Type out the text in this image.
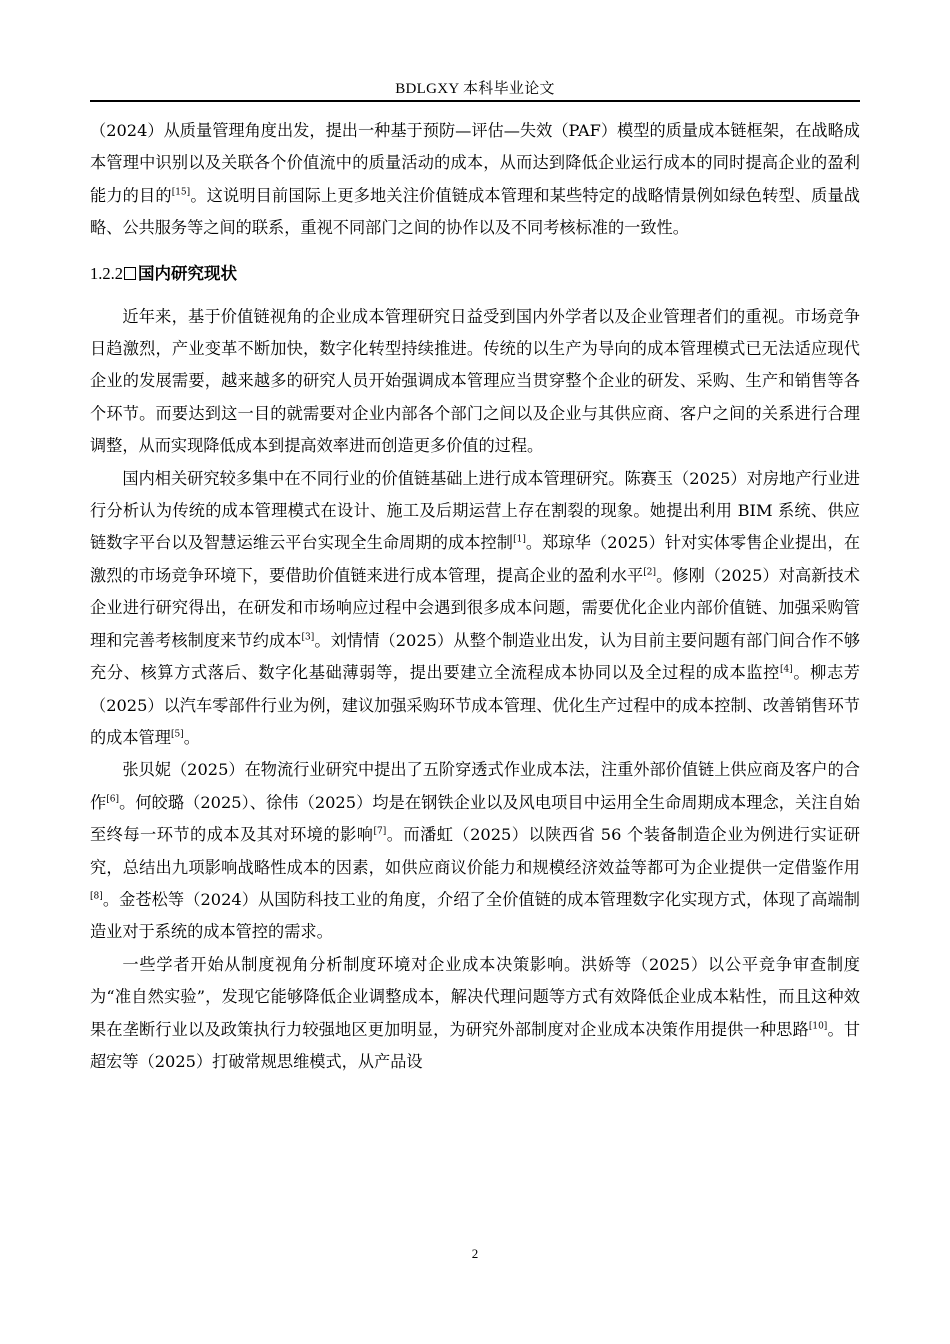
BDLGXY 本科毕业论文

（2024）从质量管理角度出发，提出一种基于预防—评估—失效（PAF）模型的质量成本链框架，在战略成本管理中识别以及关联各个价值流中的质量活动的成本，从而达到降低企业运行成本的同时提高企业的盈利能力的目的[15]。这说明目前国际上更多地关注价值链成本管理和某些特定的战略情景例如绿色转型、质量战略、公共服务等之间的联系，重视不同部门之间的协作以及不同考核标准的一致性。

1.2.2 国内研究现状

近年来，基于价值链视角的企业成本管理研究日益受到国内外学者以及企业管理者们的重视。市场竞争日趋激烈，产业变革不断加快，数字化转型持续推进。传统的以生产为导向的成本管理模式已无法适应现代企业的发展需要，越来越多的研究人员开始强调成本管理应当贯穿整个企业的研发、采购、生产和销售等各个环节。而要达到这一目的就需要对企业内部各个部门之间以及企业与其供应商、客户之间的关系进行合理调整，从而实现降低成本到提高效率进而创造更多价值的过程。

国内相关研究较多集中在不同行业的价值链基础上进行成本管理研究。陈赛玉（2025）对房地产行业进行分析认为传统的成本管理模式在设计、施工及后期运营上存在割裂的现象。她提出利用 BIM 系统、供应链数字平台以及智慧运维云平台实现全生命周期的成本控制[1]。郑琼华（2025）针对实体零售企业提出，在激烈的市场竞争环境下，要借助价值链来进行成本管理，提高企业的盈利水平[2]。修刚（2025）对高新技术企业进行研究得出，在研发和市场响应过程中会遇到很多成本问题，需要优化企业内部价值链、加强采购管理和完善考核制度来节约成本[3]。刘情情（2025）从整个制造业出发，认为目前主要问题有部门间合作不够充分、核算方式落后、数字化基础薄弱等，提出要建立全流程成本协同以及全过程的成本监控[4]。柳志芳（2025）以汽车零部件行业为例，建议加强采购环节成本管理、优化生产过程中的成本控制、改善销售环节的成本管理[5]。

张贝妮（2025）在物流行业研究中提出了五阶穿透式作业成本法，注重外部价值链上供应商及客户的合作[6]。何皎璐（2025）、徐伟（2025）均是在钢铁企业以及风电项目中运用全生命周期成本理念，关注自始至终每一环节的成本及其对环境的影响[7]。而潘虹（2025）以陕西省 56 个装备制造企业为例进行实证研究，总结出九项影响战略性成本的因素，如供应商议价能力和规模经济效益等都可为企业提供一定借鉴作用[8]。金苍松等（2024）从国防科技工业的角度，介绍了全价值链的成本管理数字化实现方式，体现了高端制造业对于系统的成本管控的需求。

一些学者开始从制度视角分析制度环境对企业成本决策影响。洪娇等（2025）以公平竞争审查制度为“准自然实验”，发现它能够降低企业调整成本，解决代理问题等方式有效降低企业成本粘性，而且这种效果在垄断行业以及政策执行力较强地区更加明显，为研究外部制度对企业成本决策作用提供一种思路[10]。甘超宏等（2025）打破常规思维模式，从产品设

2
